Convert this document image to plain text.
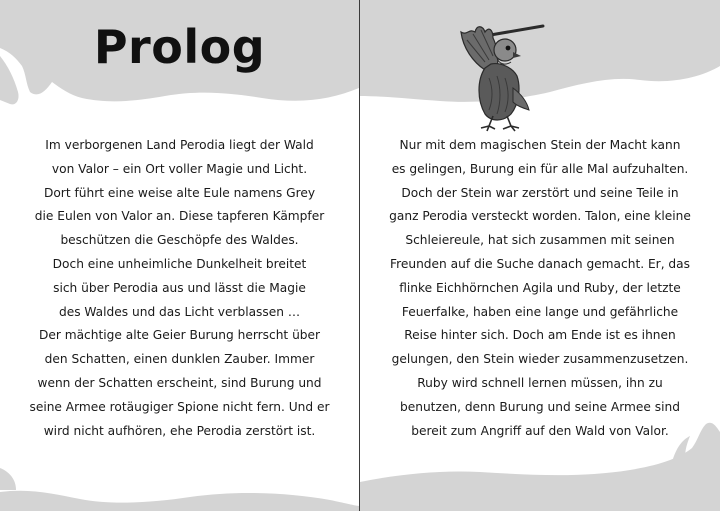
Prolog
Im verborgenen Land Perodia liegt der Wald
von Valor – ein Ort voller Magie und Licht.
Dort führt eine weise alte Eule namens Grey
die Eulen von Valor an. Diese tapferen Kämpfer
beschützen die Geschöpfe des Waldes.
Doch eine unheimliche Dunkelheit breitet
sich über Perodia aus und lässt die Magie
des Waldes und das Licht verblassen …
Der mächtige alte Geier Burung herrscht über
den Schatten, einen dunklen Zauber. Immer
wenn der Schatten erscheint, sind Burung und
seine Armee rotäugiger Spione nicht fern. Und er
wird nicht aufhören, ehe Perodia zerstört ist.
Nur mit dem magischen Stein der Macht kann
es gelingen, Burung ein für alle Mal aufzuhalten.
Doch der Stein war zerstört und seine Teile in
ganz Perodia versteckt worden. Talon, eine kleine
Schleiereule, hat sich zusammen mit seinen
Freunden auf die Suche danach gemacht. Er, das
flinke Eichhörnchen Agila und Ruby, der letzte
Feuerfalke, haben eine lange und gefährliche
Reise hinter sich. Doch am Ende ist es ihnen
gelungen, den Stein wieder zusammenzusetzen.
Ruby wird schnell lernen müssen, ihn zu
benutzen, denn Burung und seine Armee sind
bereit zum Angriff auf den Wald von Valor.
